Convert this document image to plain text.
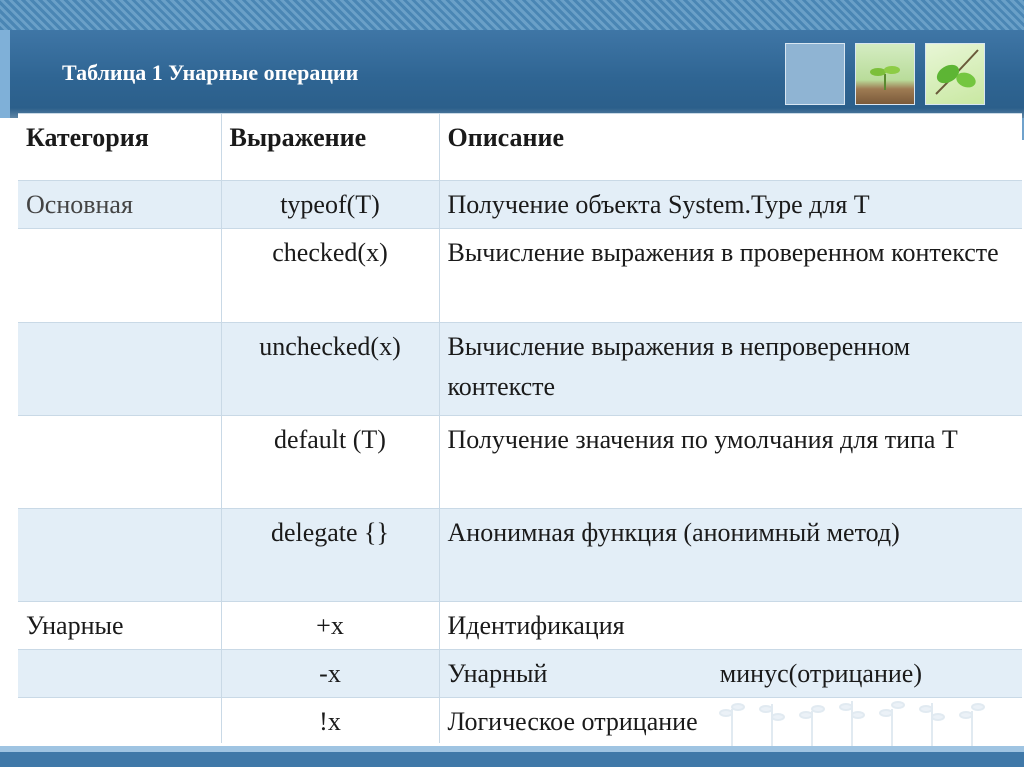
Таблица 1 Унарные операции
Категория	Выражение	Описание
Основная	typeof(T)	Получение объекта System.Type для T
	checked(x)	Вычисление выражения в проверенном контексте
	unchecked(x)	Вычисление выражения в непроверенном контексте
	default (T)	Получение значения по умолчания для типа T
	delegate {}	Анонимная функция (анонимный метод)
Унарные	+x	Идентификация
	-x	Унарный минус(отрицание)

	!x	Логическое отрицание
